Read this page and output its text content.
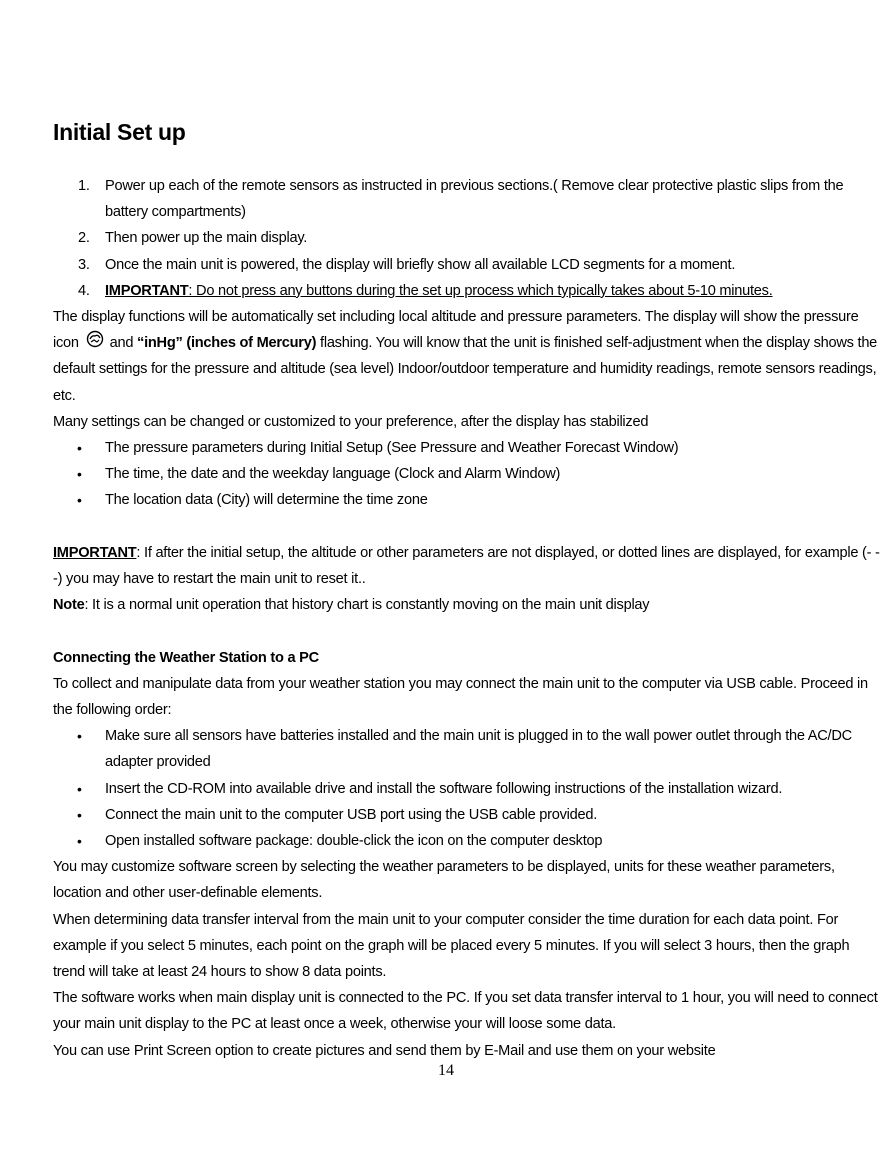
Initial Set up
1. Power up each of the remote sensors as instructed in previous sections.( Remove clear protective plastic slips from the battery compartments)
2. Then power up the main display.
3. Once the main unit is powered, the display will briefly show all available LCD segments for a moment.
4. IMPORTANT: Do not press any buttons during the set up process which typically takes about 5-10 minutes.

The display functions will be automatically set including local altitude and pressure parameters. The display will show the pressure icon and “inHg” (inches of Mercury) flashing. You will know that the unit is finished self-adjustment when the display shows the default settings for the pressure and altitude (sea level) Indoor/outdoor temperature and humidity readings, remote sensors readings, etc.

Many settings can be changed or customized to your preference, after the display has stabilized

• The pressure parameters during Initial Setup (See Pressure and Weather Forecast Window)
• The time, the date and the weekday language (Clock and Alarm Window)
• The location data (City) will determine the time zone

IMPORTANT: If after the initial setup, the altitude or other parameters are not displayed, or dotted lines are displayed, for example (- - -) you may have to restart the main unit to reset it..

Note: It is a normal unit operation that history chart is constantly moving on the main unit display

Connecting the Weather Station to a PC

To collect and manipulate data from your weather station you may connect the main unit to the computer via USB cable. Proceed in the following order:

• Make sure all sensors have batteries installed and the main unit is plugged in to the wall power outlet through the AC/DC adapter provided
• Insert the CD-ROM into available drive and install the software following instructions of the installation wizard.
• Connect the main unit to the computer USB port using the USB cable provided.
• Open installed software package: double-click the icon on the computer desktop

You may customize software screen by selecting the weather parameters to be displayed, units for these weather parameters, location and other user-definable elements.

When determining data transfer interval from the main unit to your computer consider the time duration for each data point. For example if you select 5 minutes, each point on the graph will be placed every 5 minutes. If you will select 3 hours, then the graph trend will take at least 24 hours to show 8 data points.

The software works when main display unit is connected to the PC. If you set data transfer interval to 1 hour, you will need to connect your main unit display to the PC at least once a week, otherwise your will loose some data.

You can use Print Screen option to create pictures and send them by E-Mail and use them on your website

14
